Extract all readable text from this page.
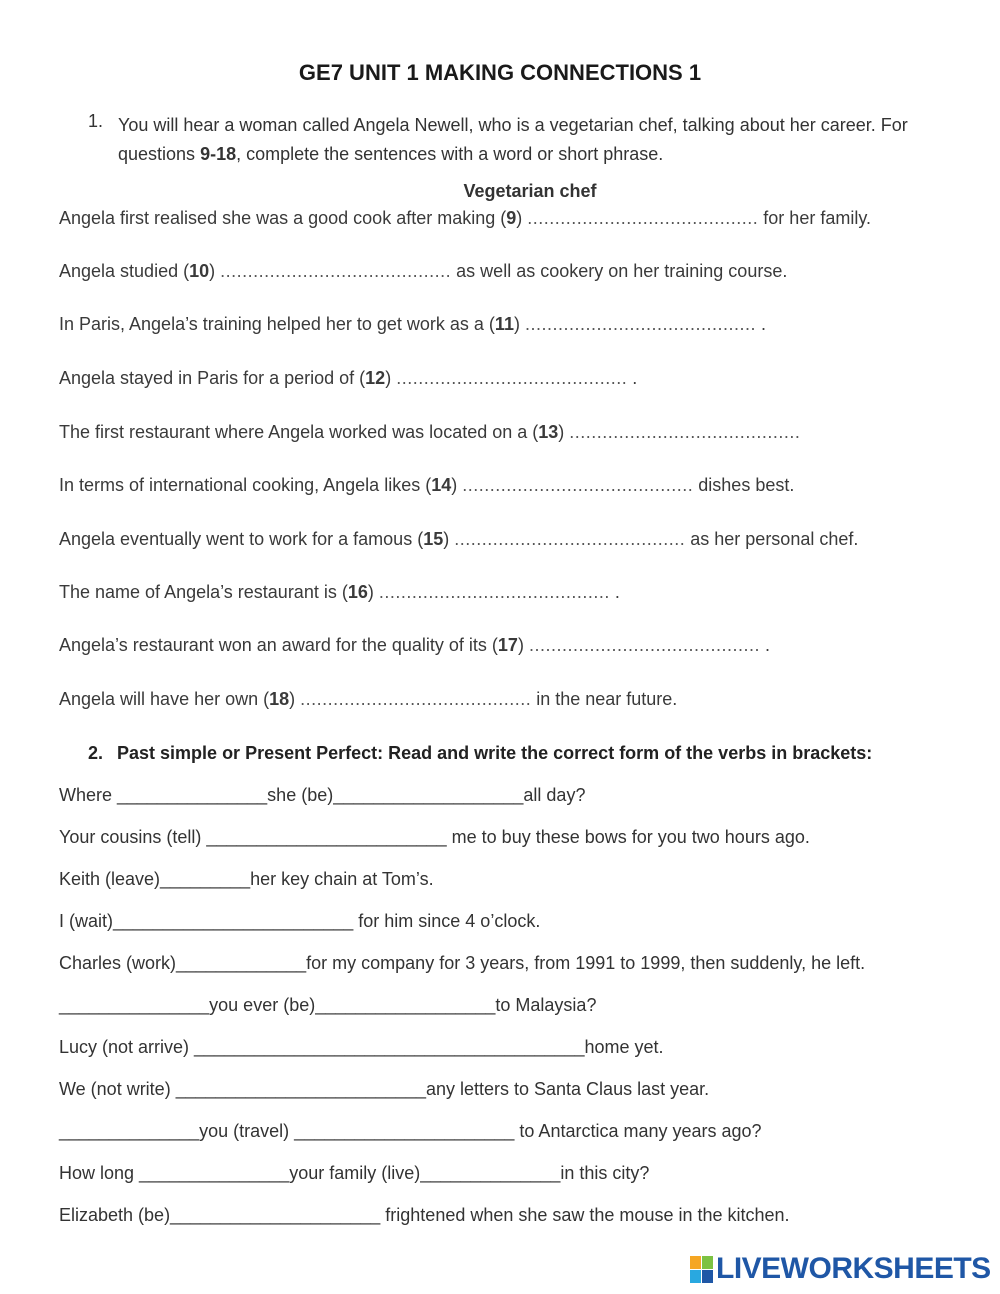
GE7 UNIT 1 MAKING CONNECTIONS 1
1. You will hear a woman called Angela Newell, who is a vegetarian chef, talking about her career. For questions 9-18, complete the sentences with a word or short phrase.
Vegetarian chef
Angela first realised she was a good cook after making (9) .......................................... for her family.
Angela studied (10) .......................................... as well as cookery on her training course.
In Paris, Angela’s training helped her to get work as a (11) .......................................... .
Angela stayed in Paris for a period of (12) .......................................... .
The first restaurant where Angela worked was located on a (13) ..........................................
In terms of international cooking, Angela likes (14) .......................................... dishes best.
Angela eventually went to work for a famous (15) .......................................... as her personal chef.
The name of Angela’s restaurant is (16) .......................................... .
Angela’s restaurant won an award for the quality of its (17) .......................................... .
Angela will have her own (18) .......................................... in the near future.
2. Past simple or Present Perfect: Read and write the correct form of the verbs in brackets:
Where _______________she (be)___________________all day?
Your cousins (tell) ________________________ me to buy these bows for you two hours ago.
Keith (leave)_________her key chain at Tom’s.
I (wait)________________________ for him since 4 o’clock.
Charles (work)_____________for my company for 3 years, from 1991 to 1999, then suddenly, he left.
_______________you ever (be)__________________to Malaysia?
Lucy (not arrive) _______________________________________home yet.
We (not write) _________________________any letters to Santa Claus last year.
______________you (travel) ______________________ to Antarctica many years ago?
How long _______________your family (live)______________in this city?
Elizabeth (be)_____________________ frightened when she saw the mouse in the kitchen.
LIVEWORKSHEETS
